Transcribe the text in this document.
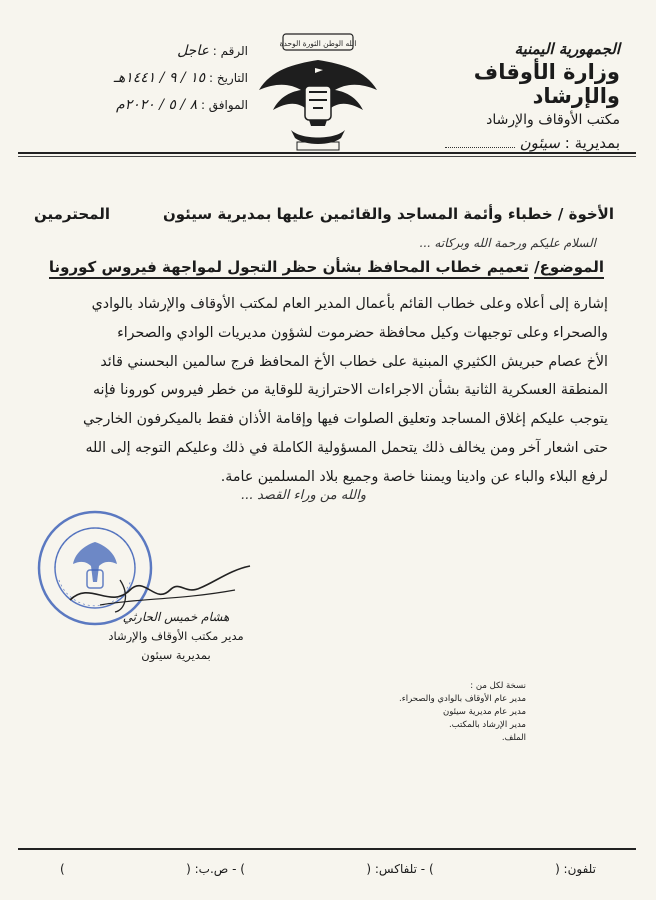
الجمهورية اليمنية
وزارة الأوقاف والإرشاد
مكتب الأوقاف والإرشاد
بمديرية : سيئون
الله الوطن الثورة الوحدة
الرقم : عاجل
التاريخ : ١٥ / ٩ / ١٤٤١هـ
الموافق : ٨ / ٥ / ٢٠٢٠م
الأخوة / خطباء وأئمة المساجد والقائمين عليها بمديرية سيئون
المحترمين
السلام عليكم ورحمة الله وبركاته ...
الموضوع/ تعميم خطاب المحافظ بشأن حظر التجول لمواجهة فيروس كورونا
إشارة إلى أعلاه وعلى خطاب القائم بأعمال المدير العام لمكتب الأوقاف والإرشاد بالوادي
والصحراء وعلى توجيهات وكيل محافظة حضرموت لشؤون مديريات الوادي والصحراء
الأخ عصام حبريش الكثيري المبنية على خطاب الأخ المحافظ فرج سالمين البحسني قائد
المنطقة العسكرية الثانية بشأن الاجراءات الاحترازية للوقاية من خطر فيروس كورونا فإنه
يتوجب عليكم إغلاق المساجد وتعليق الصلوات فيها وإقامة الأذان فقط بالميكرفون الخارجي
حتى اشعار آخر ومن يخالف ذلك يتحمل المسؤولية الكاملة في ذلك وعليكم التوجه إلى الله
لرفع البلاء والباء عن وادينا ويمننا خاصة وجميع بلاد المسلمين عامة.
والله من وراء القصد ...
هشام خميس الحارثي
مدير مكتب الأوقاف والإرشاد
بمديرية سيئون
نسخة لكل من :
مدير عام الأوقاف بالوادي والصحراء.
مدير عام مديرية سيئون
مدير الإرشاد بالمكتب.
الملف.
تلفون: (
) - تلفاكس: (
) - ص.ب: (
)
